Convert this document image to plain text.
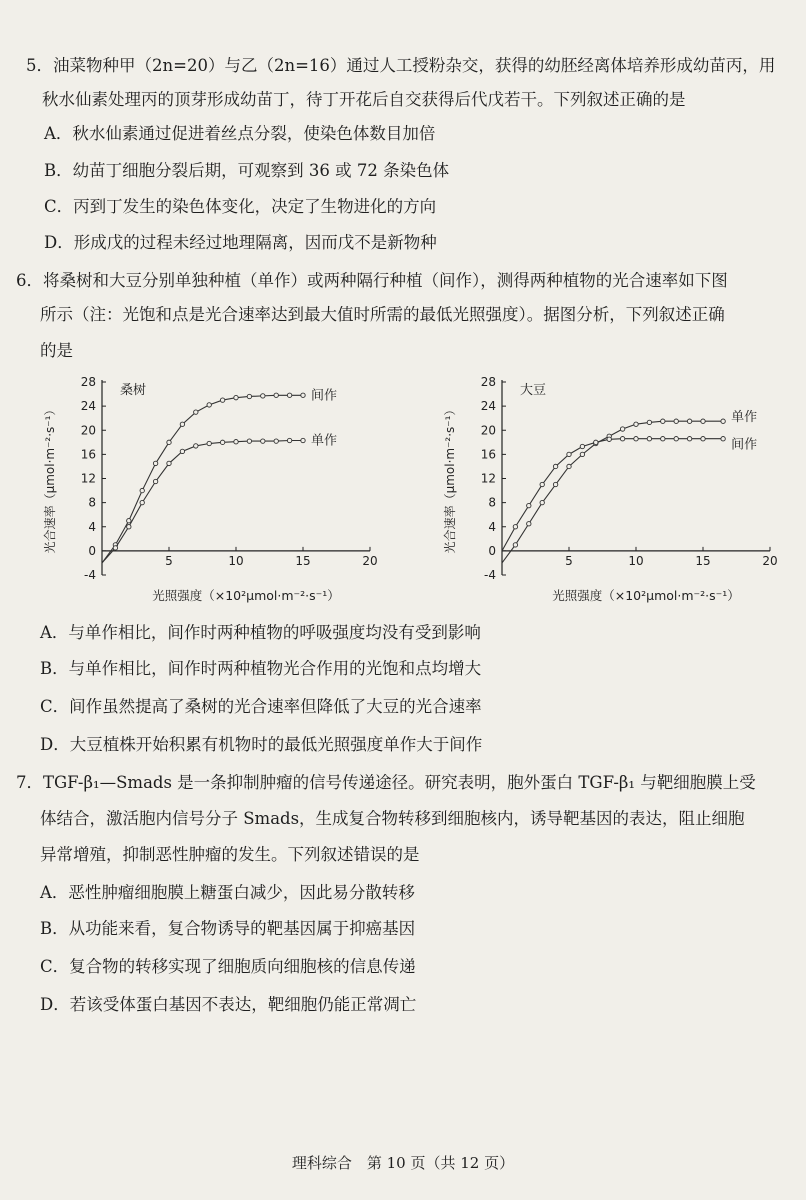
5．油菜物种甲（2n=20）与乙（2n=16）通过人工授粉杂交，获得的幼胚经离体培养形成幼苗丙，用
秋水仙素处理丙的顶芽形成幼苗丁，待丁开花后自交获得后代戊若干。下列叙述正确的是
A．秋水仙素通过促进着丝点分裂，使染色体数目加倍
B．幼苗丁细胞分裂后期，可观察到 36 或 72 条染色体
C．丙到丁发生的染色体变化，决定了生物进化的方向
D．形成戊的过程未经过地理隔离，因而戊不是新物种
6．将桑树和大豆分别单独种植（单作）或两种隔行种植（间作），测得两种植物的光合速率如下图
所示（注：光饱和点是光合速率达到最大值时所需的最低光照强度）。据图分析，下列叙述正确
的是
-4
0
4
8
12
16
20
24
28
5	10	15	20
桑树
光合速率（μmol·m⁻²·s⁻¹）
光照强度（×10²μmol·m⁻²·s⁻¹）
间作
单作
-4
0
4
8
12
16
20
24
28
5	10	15	20
大豆
光合速率（μmol·m⁻²·s⁻¹）
光照强度（×10²μmol·m⁻²·s⁻¹）
单作
间作
A．与单作相比，间作时两种植物的呼吸强度均没有受到影响
B．与单作相比，间作时两种植物光合作用的光饱和点均增大
C．间作虽然提高了桑树的光合速率但降低了大豆的光合速率
D．大豆植株开始积累有机物时的最低光照强度单作大于间作
7．TGF-β₁—Smads 是一条抑制肿瘤的信号传递途径。研究表明，胞外蛋白 TGF-β₁ 与靶细胞膜上受
体结合，激活胞内信号分子 Smads，生成复合物转移到细胞核内，诱导靶基因的表达，阻止细胞
异常增殖，抑制恶性肿瘤的发生。下列叙述错误的是
A．恶性肿瘤细胞膜上糖蛋白减少，因此易分散转移
B．从功能来看，复合物诱导的靶基因属于抑癌基因
C．复合物的转移实现了细胞质向细胞核的信息传递
D．若该受体蛋白基因不表达，靶细胞仍能正常凋亡
理科综合　第 10 页（共 12 页）
